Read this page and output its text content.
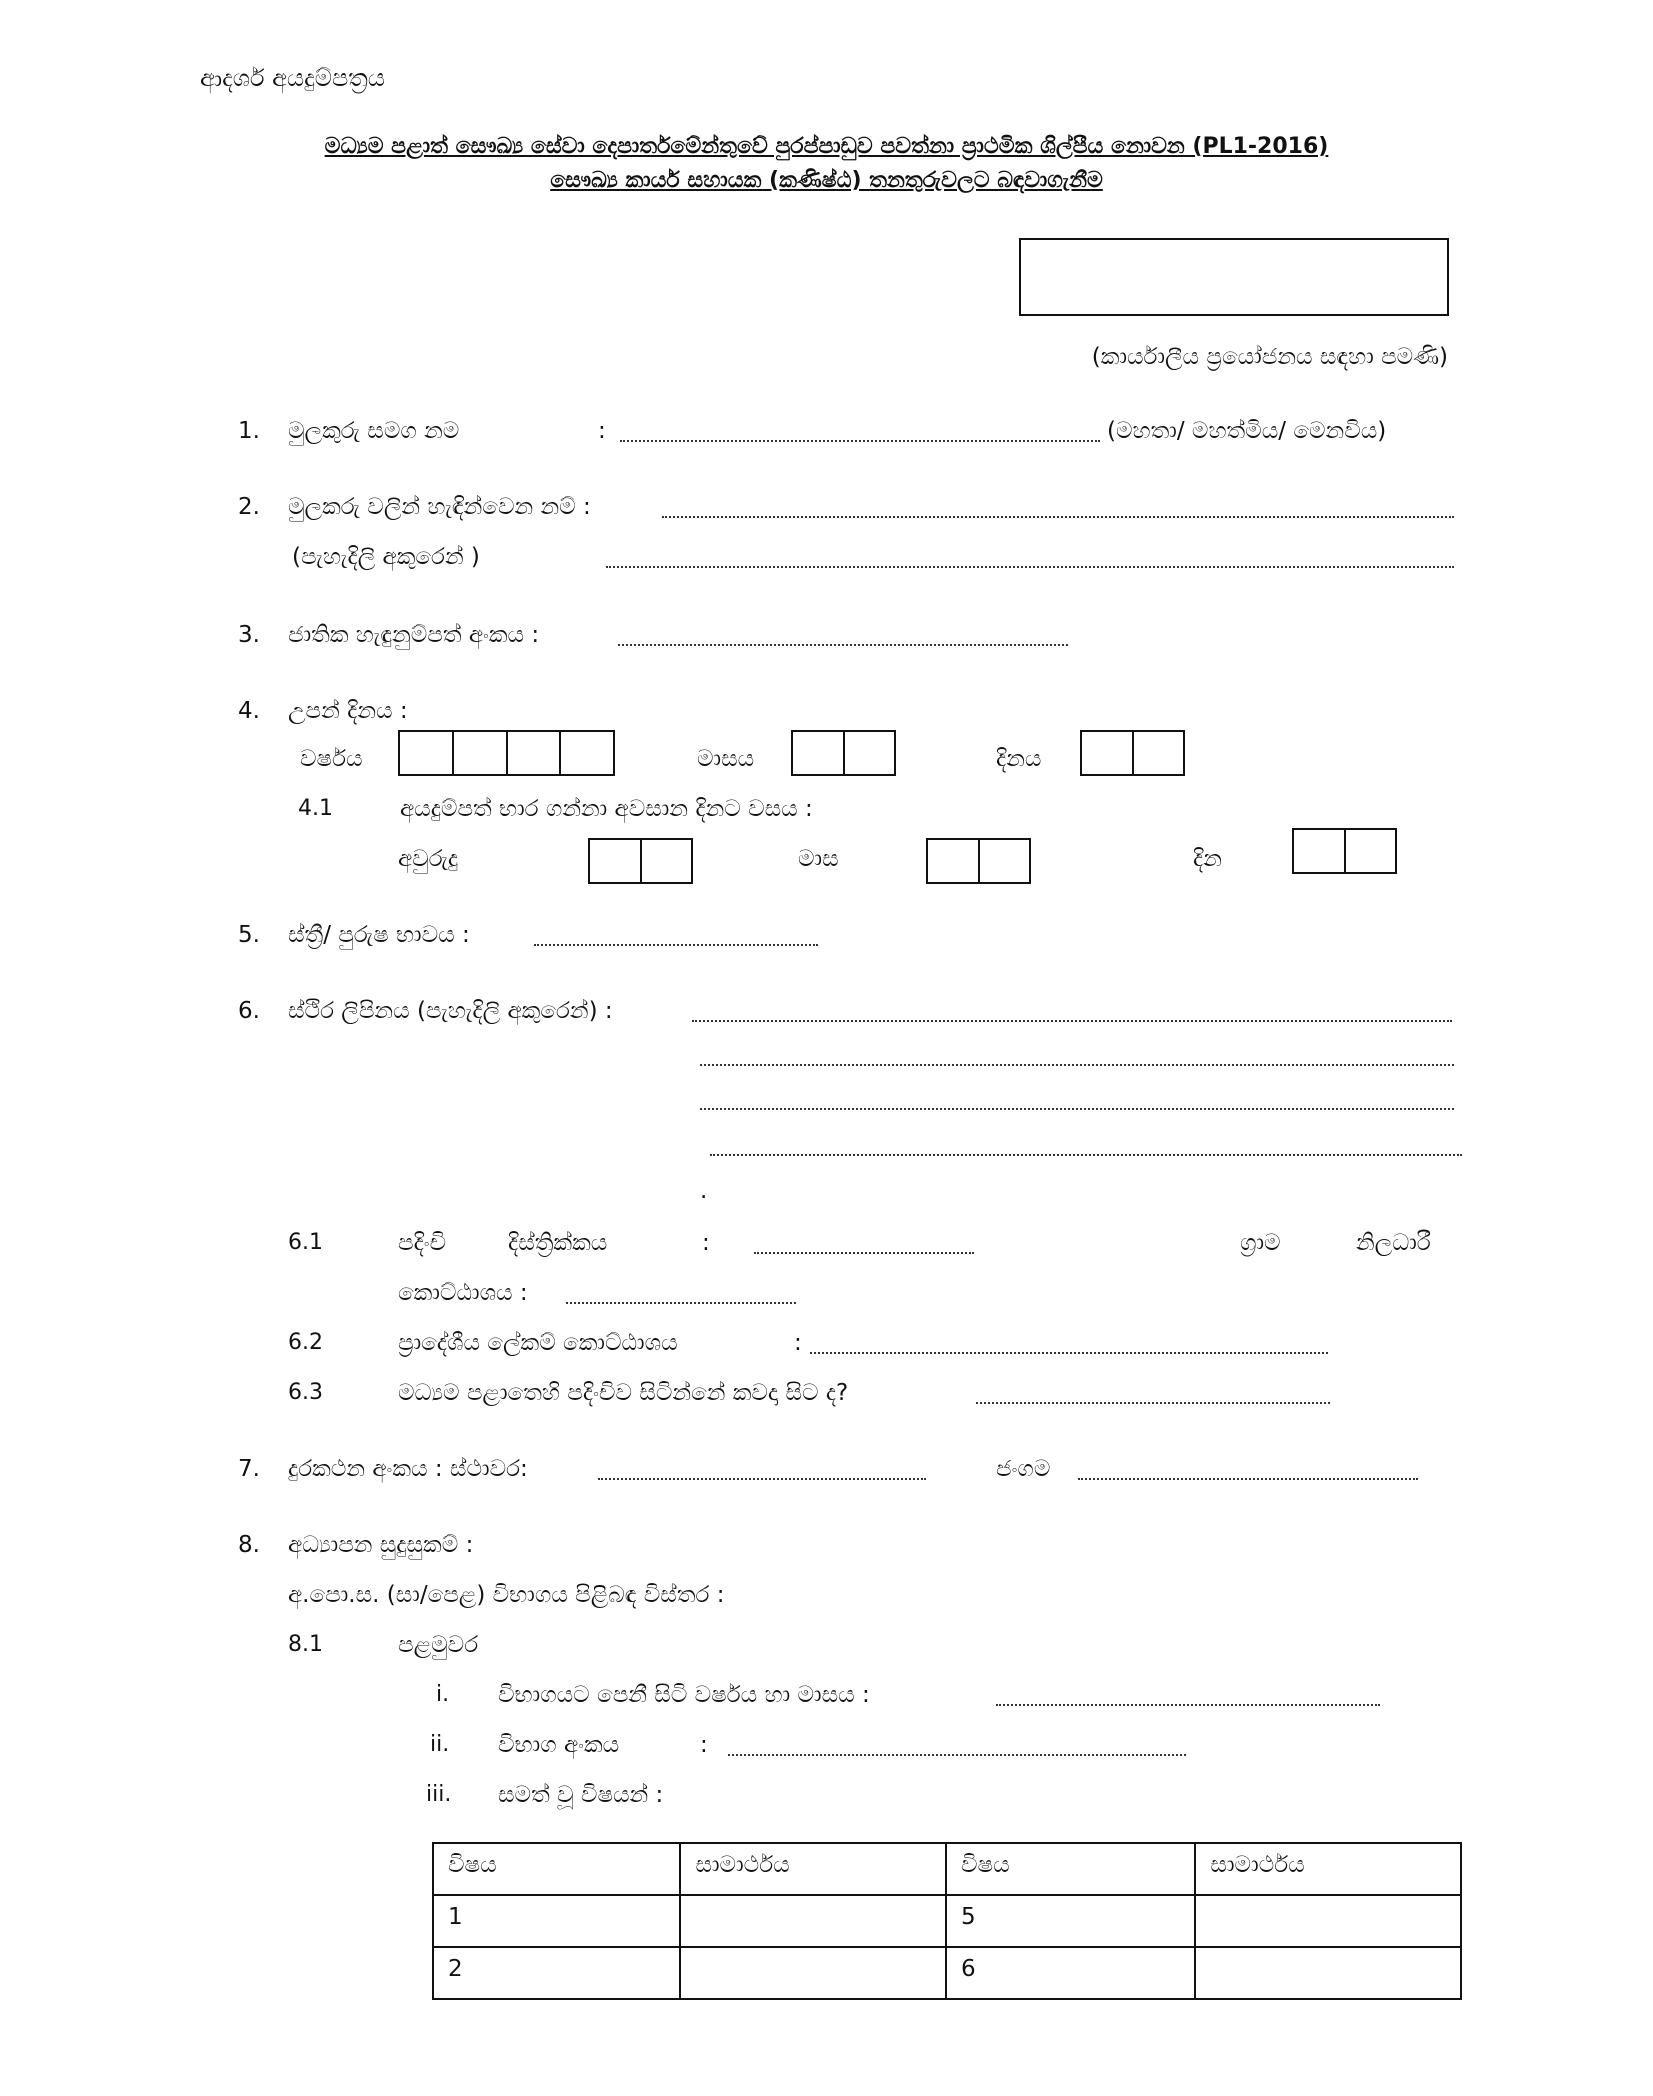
ආදර්ශ අයදුම්පත්‍රය
මධ්‍යම පළාත් සෞඛ්‍ය සේවා දෙපාර්තමේන්තුවේ පුරප්පාඩුව පවත්නා ප්‍රාථමික ශිල්පීය නොවන (PL1-2016)
සෞඛ්‍ය කාර්ය සහායක (කණිෂ්ඨ) තනතුරුවලට බඳවාගැනීම
(කාර්යාලීය ප්‍රයෝජනය සඳහා පමණි)
1. මුලකුරු සමග නම	:	(මහතා/ මහත්මිය/ මෙනවිය)
2. මුලකරු වලින් හැඳින්වෙන නම් :
(පැහැදිලි අකුරෙන් )
3. ජාතික හැඳුනුම්පත් අංකය :
4. උපන් දිනය :
වර්ෂය	මාසය	දිනය
4.1	අයදුම්පත් භාර ගන්නා අවසාන දිනට වසය :
අවුරුදු	මාස	දින
5. ස්ත්‍රී/ පුරුෂ භාවය :
6. ස්ථිර ලිපිනය (පැහැදිලි අකුරෙන්) :
.
6.1	පදිංචි	දිස්ත්‍රික්කය	:	ග්‍රාම	නිලධාරී
කොට්ඨාශය :
6.2	ප්‍රාදේශීය ලේකම් කොට්ඨාශය	:
6.3	මධ්‍යම පළාතෙහි පදිංචිව සිටින්නේ කවදා සිට ද?
7. දුරකථන අංකය : ස්ථාවර:	ජංගම
8. අධ්‍යාපන සුදුසුකම් :
අ.පො.ස. (සා/පෙළ) විභාගය පිළිබඳ විස්තර :
8.1	පළමුවර
i. විභාගයට පෙනී සිටි වර්ෂය හා මාසය :
ii. විභාග අංකය	:
iii. සමත් වූ විෂයන් :
විෂය	සාමාර්ථය	විෂය	සාමාර්ථය
1		5	
2		6	
